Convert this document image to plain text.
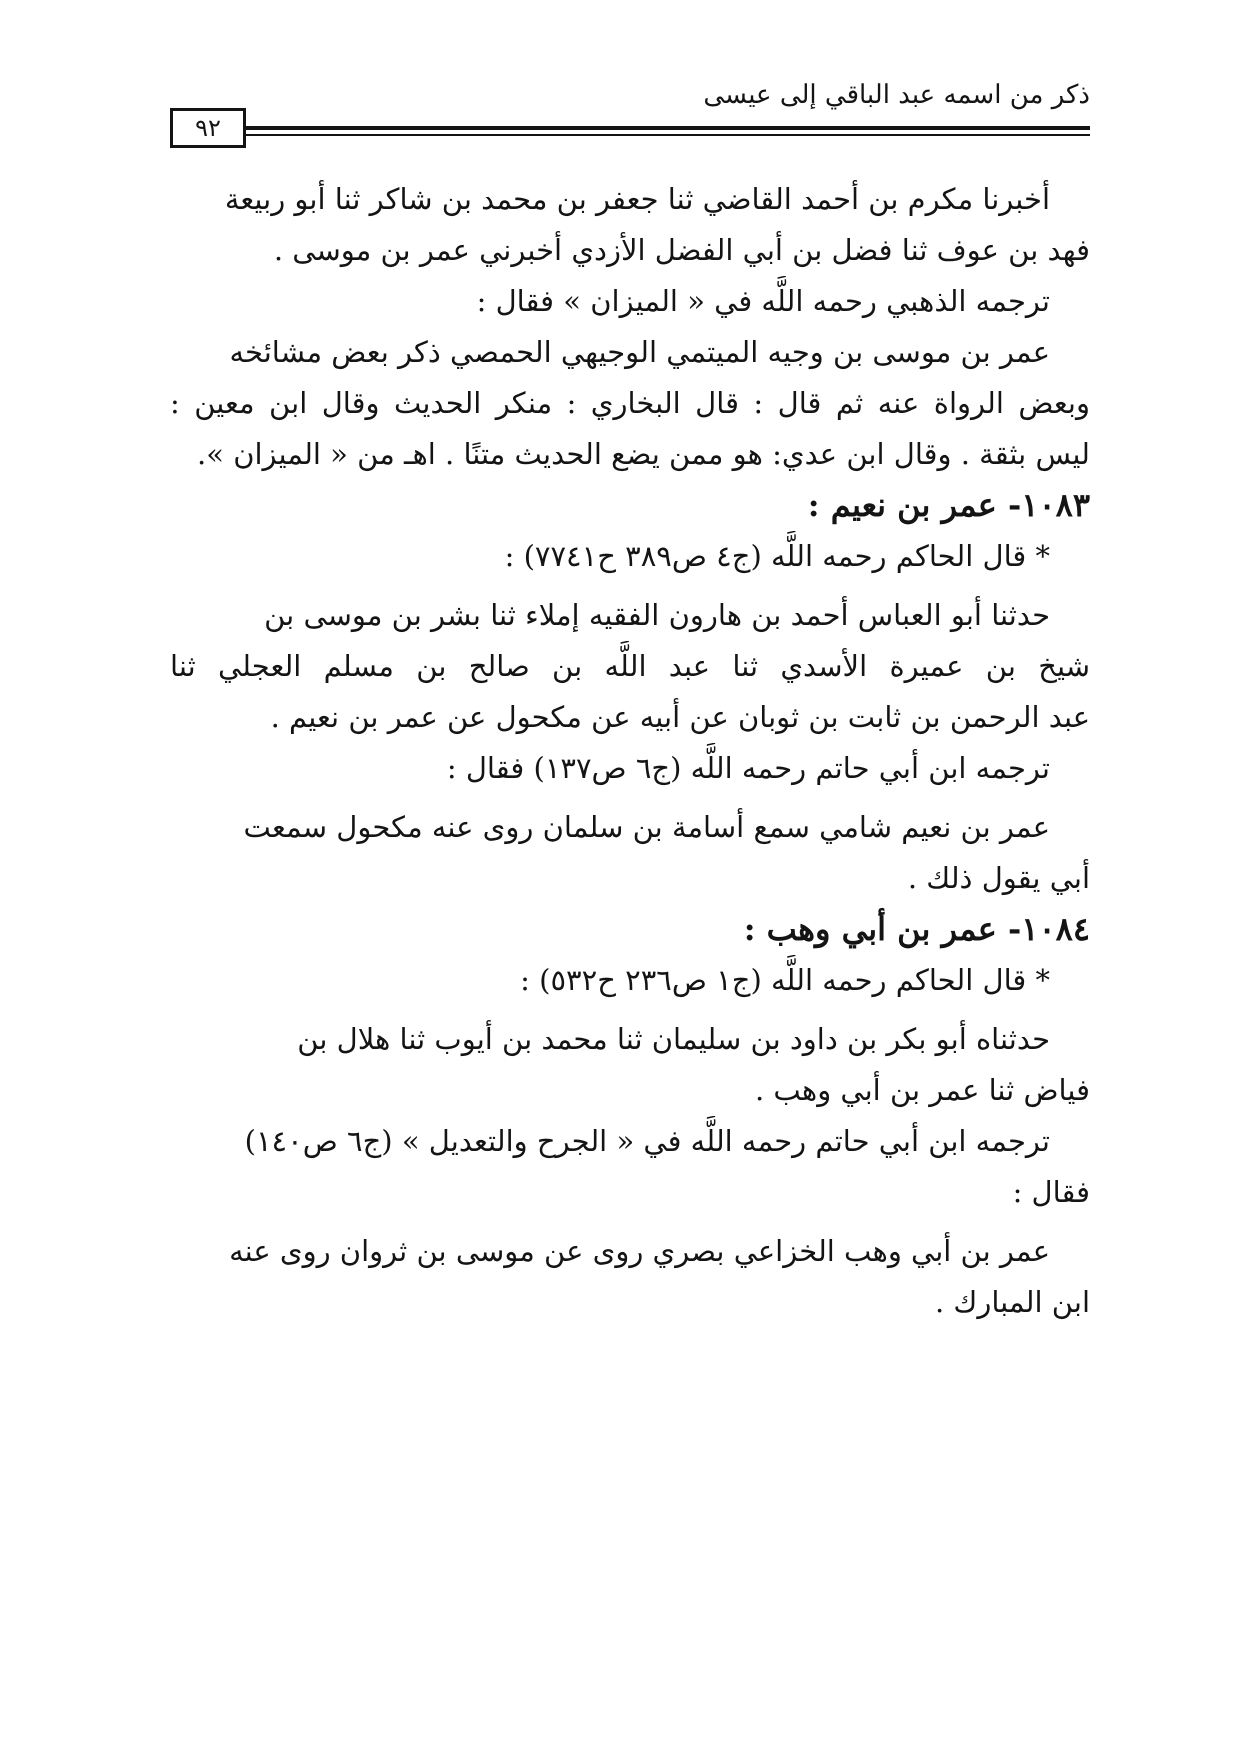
ذكر من اسمه عبد الباقي إلى عيسى
٩٢
أخبرنا مكرم بن أحمد القاضي ثنا جعفر بن محمد بن شاكر ثنا أبو ربيعة
فهد بن عوف ثنا فضل بن أبي الفضل الأزدي أخبرني عمر بن موسى .
ترجمه الذهبي رحمه اللَّه في « الميزان » فقال :
عمر بن موسى بن وجيه الميتمي الوجيهي الحمصي ذكر بعض مشائخه
وبعض الرواة عنه ثم قال : قال البخاري : منكر الحديث وقال ابن معين :
ليس بثقة . وقال ابن عدي: هو ممن يضع الحديث متنًا . اهـ من « الميزان ».
١٠٨٣- عمر بن نعيم :
* قال الحاكم رحمه اللَّه (ج٤ ص٣٨٩ ح٧٧٤١) :
حدثنا أبو العباس أحمد بن هارون الفقيه إملاء ثنا بشر بن موسى بن
شيخ بن عميرة الأسدي ثنا عبد اللَّه بن صالح بن مسلم العجلي ثنا
عبد الرحمن بن ثابت بن ثوبان عن أبيه عن مكحول عن عمر بن نعيم .
ترجمه ابن أبي حاتم رحمه اللَّه (ج٦ ص١٣٧) فقال :
عمر بن نعيم شامي سمع أسامة بن سلمان روى عنه مكحول سمعت
أبي يقول ذلك .
١٠٨٤- عمر بن أبي وهب :
* قال الحاكم رحمه اللَّه (ج١ ص٢٣٦ ح٥٣٢) :
حدثناه أبو بكر بن داود بن سليمان ثنا محمد بن أيوب ثنا هلال بن
فياض ثنا عمر بن أبي وهب .
ترجمه ابن أبي حاتم رحمه اللَّه في « الجرح والتعديل » (ج٦ ص١٤٠)
فقال :
عمر بن أبي وهب الخزاعي بصري روى عن موسى بن ثروان روى عنه
ابن المبارك .
